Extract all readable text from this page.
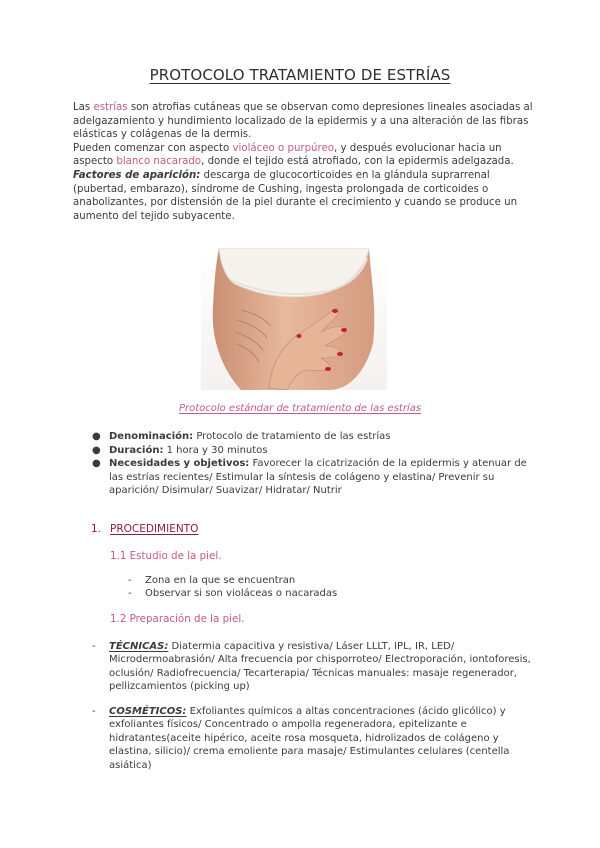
PROTOCOLO TRATAMIENTO DE ESTRÍAS
Las estrías son atrofias cutáneas que se observan como depresiones lineales asociadas al adelgazamiento y hundimiento localizado de la epidermis y a una alteración de las fibras elásticas y colágenas de la dermis.
Pueden comenzar con aspecto violáceo o purpúreo, y después evolucionar hacia un aspecto blanco nacarado, donde el tejido está atrofiado, con la epidermis adelgazada.
Factores de aparición: descarga de glucocorticoides en la glándula suprarrenal (pubertad, embarazo), síndrome de Cushing, ingesta prolongada de corticoides o anabolizantes, por distensión de la piel durante el crecimiento y cuando se produce un aumento del tejido subyacente.
Protocolo estándar de tratamiento de las estrías
● Denominación: Protocolo de tratamiento de las estrías
● Duración: 1 hora y 30 minutos
● Necesidades y objetivos: Favorecer la cicatrización de la epidermis y atenuar de las estrías recientes/ Estimular la síntesis de colágeno y elastina/ Prevenir su aparición/ Disimular/ Suavizar/ Hidratar/ Nutrir
1. PROCEDIMIENTO
1.1 Estudio de la piel.
- Zona en la que se encuentran
- Observar si son violáceas o nacaradas
1.2 Preparación de la piel.
-	TÉCNICAS: Diatermia capacitiva y resistiva/ Láser LLLT, IPL, IR, LED/ Microdermoabrasión/ Alta frecuencia por chisporroteo/ Electroporación, iontoforesis, oclusión/ Radiofrecuencia/ Tecarterapia/ Técnicas manuales: masaje regenerador, pellizcamientos (picking up)
-	COSMÉTICOS: Exfoliantes químicos a altas concentraciones (ácido glicólico) y exfoliantes físicos/ Concentrado o ampolla regeneradora, epitelizante e hidratantes(aceite hipérico, aceite rosa mosqueta, hidrolizados de colágeno y elastina, silicio)/ crema emoliente para masaje/ Estimulantes celulares (centella asiática)
